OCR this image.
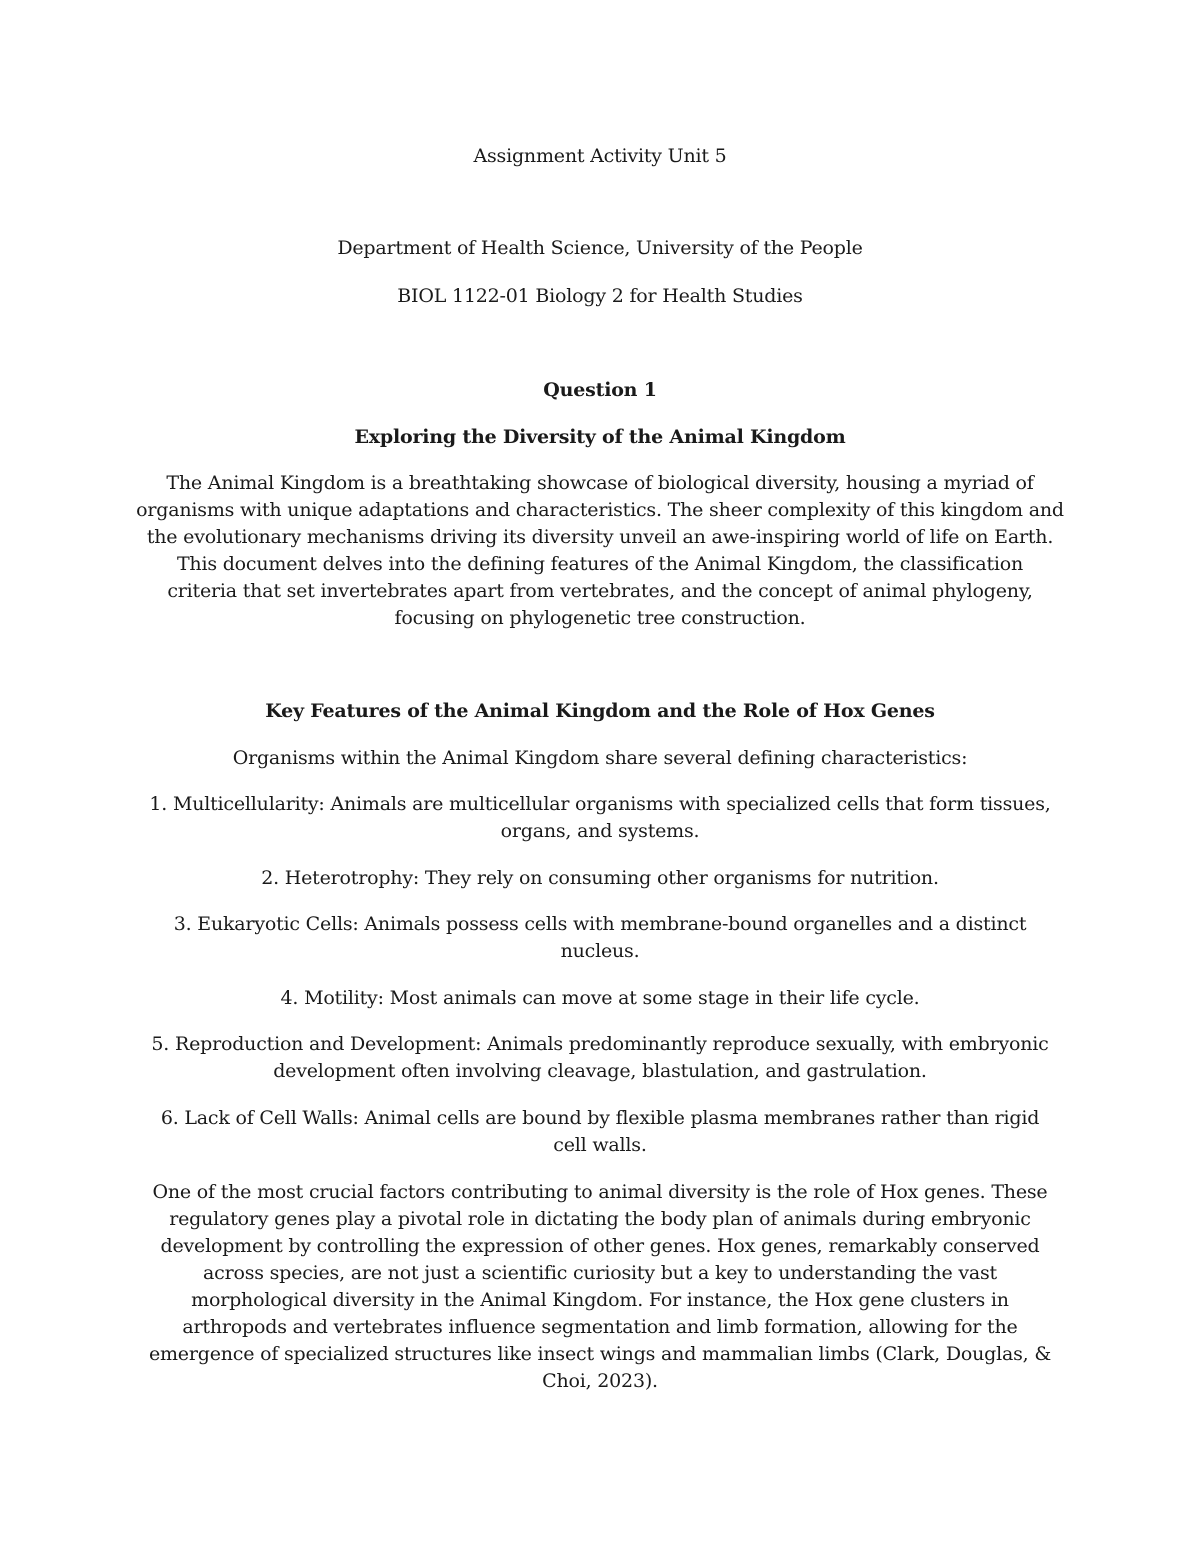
Assignment Activity Unit 5
Department of Health Science, University of the People
BIOL 1122-01 Biology 2 for Health Studies
Question 1
Exploring the Diversity of the Animal Kingdom
The Animal Kingdom is a breathtaking showcase of biological diversity, housing a myriad of
organisms with unique adaptations and characteristics. The sheer complexity of this kingdom and
the evolutionary mechanisms driving its diversity unveil an awe-inspiring world of life on Earth.
This document delves into the defining features of the Animal Kingdom, the classification
criteria that set invertebrates apart from vertebrates, and the concept of animal phylogeny,
focusing on phylogenetic tree construction.
Key Features of the Animal Kingdom and the Role of Hox Genes
Organisms within the Animal Kingdom share several defining characteristics:
1. Multicellularity: Animals are multicellular organisms with specialized cells that form tissues,
organs, and systems.
2. Heterotrophy: They rely on consuming other organisms for nutrition.
3. Eukaryotic Cells: Animals possess cells with membrane-bound organelles and a distinct
nucleus.
4. Motility: Most animals can move at some stage in their life cycle.
5. Reproduction and Development: Animals predominantly reproduce sexually, with embryonic
development often involving cleavage, blastulation, and gastrulation.
6. Lack of Cell Walls: Animal cells are bound by flexible plasma membranes rather than rigid
cell walls.
One of the most crucial factors contributing to animal diversity is the role of Hox genes. These
regulatory genes play a pivotal role in dictating the body plan of animals during embryonic
development by controlling the expression of other genes. Hox genes, remarkably conserved
across species, are not just a scientific curiosity but a key to understanding the vast
morphological diversity in the Animal Kingdom. For instance, the Hox gene clusters in
arthropods and vertebrates influence segmentation and limb formation, allowing for the
emergence of specialized structures like insect wings and mammalian limbs (Clark, Douglas, &
Choi, 2023).
